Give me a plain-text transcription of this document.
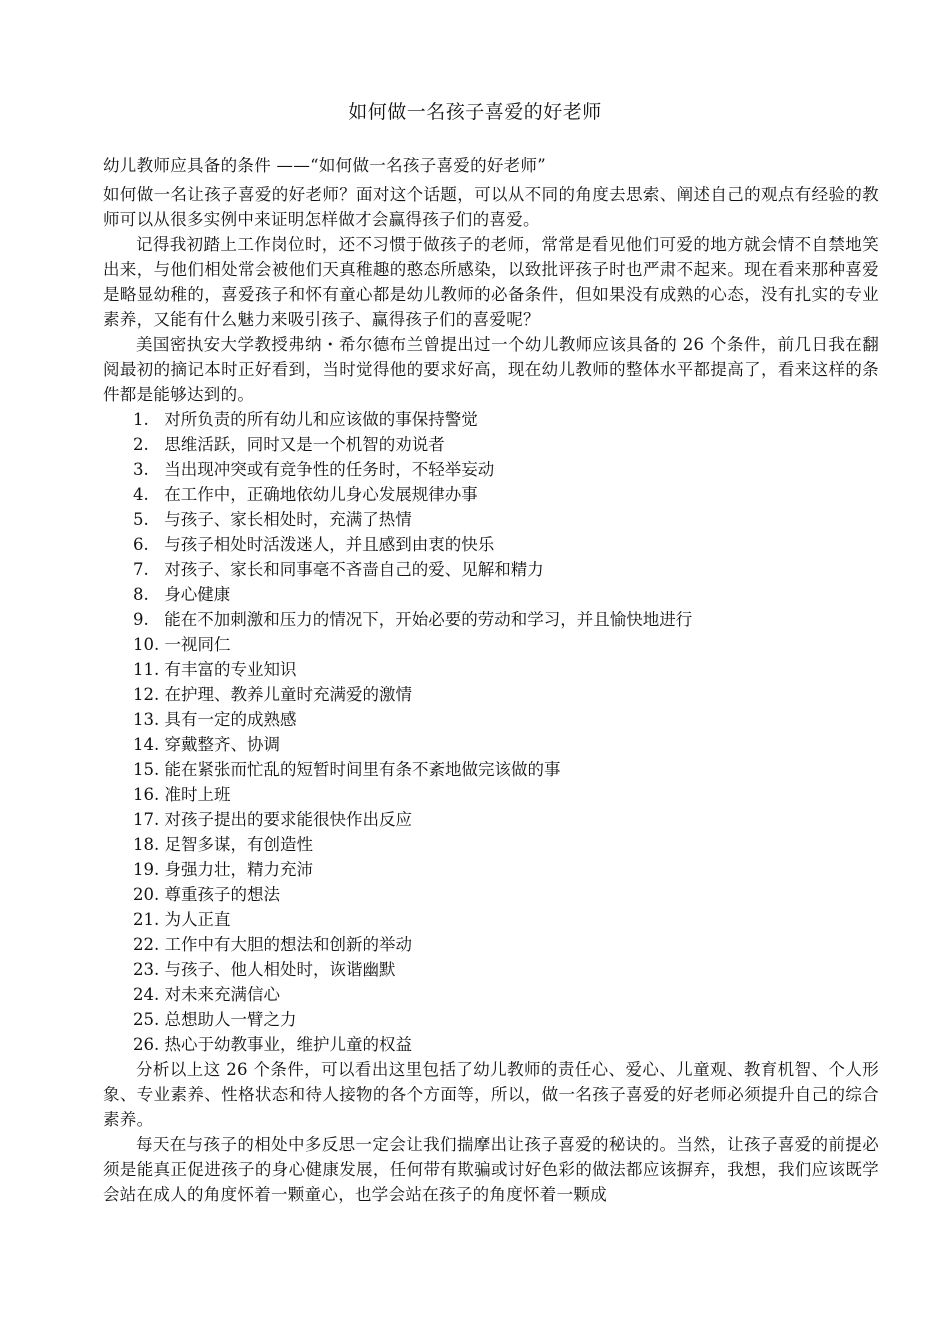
如何做一名孩子喜爱的好老师

幼儿教师应具备的条件 ——“如何做一名孩子喜爱的好老师”

如何做一名让孩子喜爱的好老师？面对这个话题，可以从不同的角度去思索、阐述自己的观点有经验的教师可以从很多实例中来证明怎样做才会赢得孩子们的喜爱。

记得我初踏上工作岗位时，还不习惯于做孩子的老师，常常是看见他们可爱的地方就会情不自禁地笑出来，与他们相处常会被他们天真稚趣的憨态所感染，以致批评孩子时也严肃不起来。现在看来那种喜爱是略显幼稚的，喜爱孩子和怀有童心都是幼儿教师的必备条件，但如果没有成熟的心态，没有扎实的专业素养，又能有什么魅力来吸引孩子、赢得孩子们的喜爱呢？

美国密执安大学教授弗纳・希尔德布兰曾提出过一个幼儿教师应该具备的 26 个条件，前几日我在翻阅最初的摘记本时正好看到，当时觉得他的要求好高，现在幼儿教师的整体水平都提高了，看来这样的条件都是能够达到的。

1. 对所负责的所有幼儿和应该做的事保持警觉
2. 思维活跃，同时又是一个机智的劝说者
3. 当出现冲突或有竞争性的任务时，不轻举妄动
4. 在工作中，正确地依幼儿身心发展规律办事
5. 与孩子、家长相处时，充满了热情
6. 与孩子相处时活泼迷人，并且感到由衷的快乐
7. 对孩子、家长和同事毫不吝啬自己的爱、见解和精力
8. 身心健康
9. 能在不加刺激和压力的情况下，开始必要的劳动和学习，并且愉快地进行
10. 一视同仁
11. 有丰富的专业知识
12. 在护理、教养儿童时充满爱的激情
13. 具有一定的成熟感
14. 穿戴整齐、协调
15. 能在紧张而忙乱的短暂时间里有条不紊地做完该做的事
16. 准时上班
17. 对孩子提出的要求能很快作出反应
18. 足智多谋，有创造性
19. 身强力壮，精力充沛
20. 尊重孩子的想法
21. 为人正直
22. 工作中有大胆的想法和创新的举动
23. 与孩子、他人相处时，诙谐幽默
24. 对未来充满信心
25. 总想助人一臂之力
26. 热心于幼教事业，维护儿童的权益

分析以上这 26 个条件，可以看出这里包括了幼儿教师的责任心、爱心、儿童观、教育机智、个人形象、专业素养、性格状态和待人接物的各个方面等，所以，做一名孩子喜爱的好老师必须提升自己的综合素养。

每天在与孩子的相处中多反思一定会让我们揣摩出让孩子喜爱的秘诀的。当然，让孩子喜爱的前提必须是能真正促进孩子的身心健康发展，任何带有欺骗或讨好色彩的做法都应该摒弃，我想，我们应该既学会站在成人的角度怀着一颗童心，也学会站在孩子的角度怀着一颗成
